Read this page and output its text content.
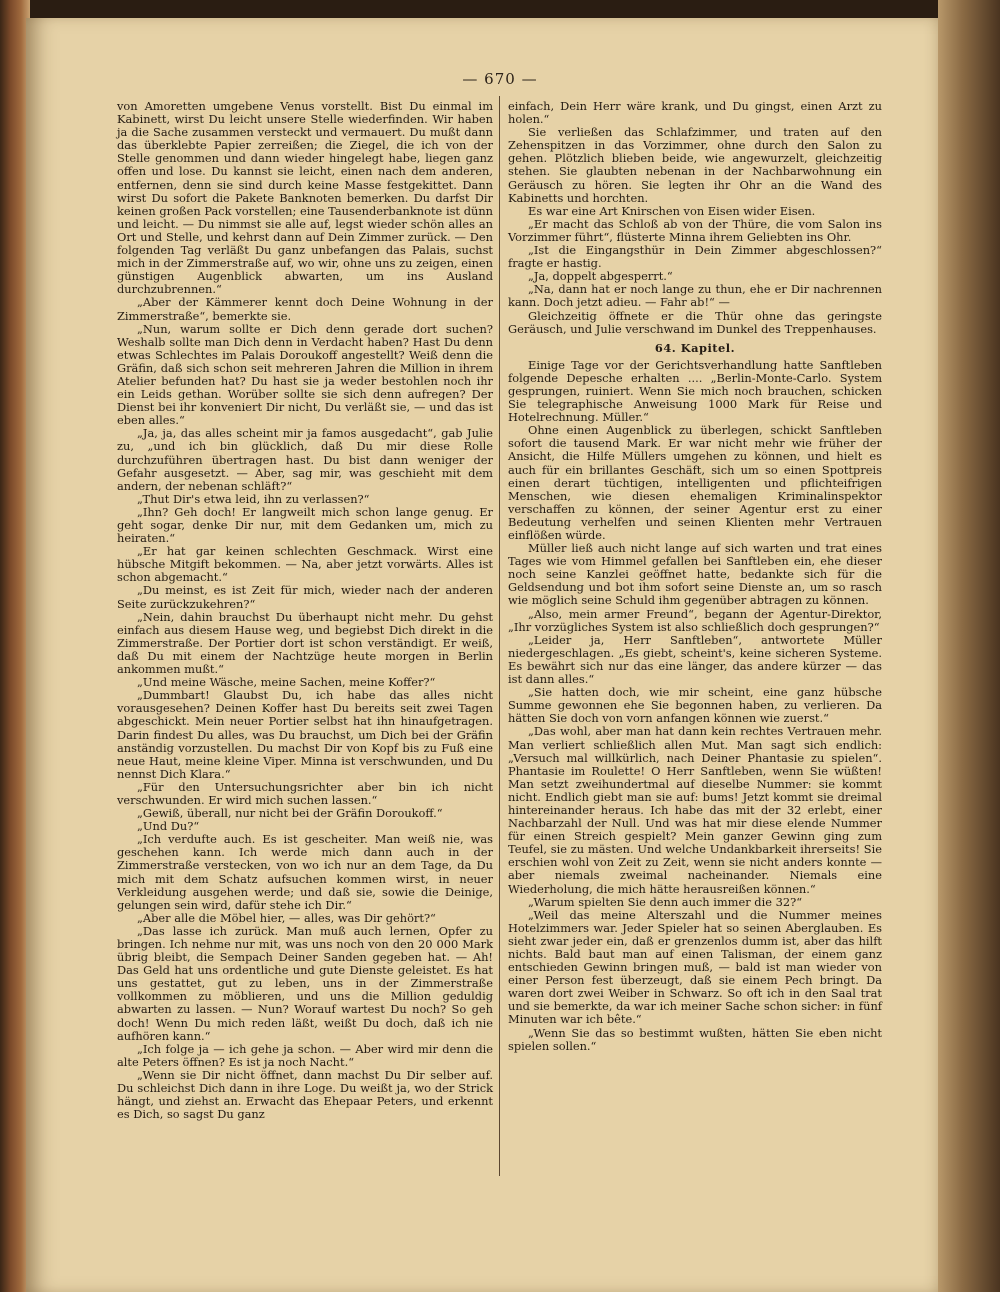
— 670 —

von Amoretten umgebene Venus vorstellt. Bist Du einmal im Kabinett, wirst Du leicht unsere Stelle wiederfinden. Wir haben ja die Sache zusammen versteckt und vermauert. Du mußt dann das überklebte Papier zerreißen; die Ziegel, die ich von der Stelle genommen und dann wieder hingelegt habe, liegen ganz offen und lose. Du kannst sie leicht, einen nach dem anderen, entfernen, denn sie sind durch keine Masse festgekittet. Dann wirst Du sofort die Pakete Banknoten bemerken. Du darfst Dir keinen großen Pack vorstellen; eine Tausenderbanknote ist dünn und leicht. — Du nimmst sie alle auf, legst wieder schön alles an Ort und Stelle, und kehrst dann auf Dein Zimmer zurück. — Den folgenden Tag verläßt Du ganz unbefangen das Palais, suchst mich in der Zimmerstraße auf, wo wir, ohne uns zu zeigen, einen günstigen Augenblick abwarten, um ins Ausland durchzubrennen.“

„Aber der Kämmerer kennt doch Deine Wohnung in der Zimmerstraße“, bemerkte sie.

„Nun, warum sollte er Dich denn gerade dort suchen? Weshalb sollte man Dich denn in Verdacht haben? Hast Du denn etwas Schlechtes im Palais Doroukoff angestellt? Weiß denn die Gräfin, daß sich schon seit mehreren Jahren die Million in ihrem Atelier befunden hat? Du hast sie ja weder bestohlen noch ihr ein Leids gethan. Worüber sollte sie sich denn aufregen? Der Dienst bei ihr konveniert Dir nicht, Du verläßt sie, — und das ist eben alles.“

„Ja, ja, das alles scheint mir ja famos ausgedacht“, gab Julie zu, „und ich bin glücklich, daß Du mir diese Rolle durchzuführen übertragen hast. Du bist dann weniger der Gefahr ausgesetzt. — Aber, sag mir, was geschieht mit dem andern, der nebenan schläft?“

„Thut Dir's etwa leid, ihn zu verlassen?“

„Ihn? Geh doch! Er langweilt mich schon lange genug. Er geht sogar, denke Dir nur, mit dem Gedanken um, mich zu heiraten.“

„Er hat gar keinen schlechten Geschmack. Wirst eine hübsche Mitgift bekommen. — Na, aber jetzt vorwärts. Alles ist schon abgemacht.“

„Du meinst, es ist Zeit für mich, wieder nach der anderen Seite zurückzukehren?“

„Nein, dahin brauchst Du überhaupt nicht mehr. Du gehst einfach aus diesem Hause weg, und begiebst Dich direkt in die Zimmerstraße. Der Portier dort ist schon verständigt. Er weiß, daß Du mit einem der Nachtzüge heute morgen in Berlin ankommen mußt.“

„Und meine Wäsche, meine Sachen, meine Koffer?“

„Dummbart! Glaubst Du, ich habe das alles nicht vorausgesehen? Deinen Koffer hast Du bereits seit zwei Tagen abgeschickt. Mein neuer Portier selbst hat ihn hinaufgetragen. Darin findest Du alles, was Du brauchst, um Dich bei der Gräfin anständig vorzustellen. Du machst Dir von Kopf bis zu Fuß eine neue Haut, meine kleine Viper. Minna ist verschwunden, und Du nennst Dich Klara.“

„Für den Untersuchungsrichter aber bin ich nicht verschwunden. Er wird mich suchen lassen.“

„Gewiß, überall, nur nicht bei der Gräfin Doroukoff.“

„Und Du?“

„Ich verdufte auch. Es ist gescheiter. Man weiß nie, was geschehen kann. Ich werde mich dann auch in der Zimmerstraße verstecken, von wo ich nur an dem Tage, da Du mich mit dem Schatz aufsuchen kommen wirst, in neuer Verkleidung ausgehen werde; und daß sie, sowie die Deinige, gelungen sein wird, dafür stehe ich Dir.“

„Aber alle die Möbel hier, — alles, was Dir gehört?“

„Das lasse ich zurück. Man muß auch lernen, Opfer zu bringen. Ich nehme nur mit, was uns noch von den 20 000 Mark übrig bleibt, die Sempach Deiner Sanden gegeben hat. — Ah! Das Geld hat uns ordentliche und gute Dienste geleistet. Es hat uns gestattet, gut zu leben, uns in der Zimmerstraße vollkommen zu möblieren, und uns die Million geduldig abwarten zu lassen. — Nun? Worauf wartest Du noch? So geh doch! Wenn Du mich reden läßt, weißt Du doch, daß ich nie aufhören kann.“

„Ich folge ja — ich gehe ja schon. — Aber wird mir denn die alte Peters öffnen? Es ist ja noch Nacht.“

„Wenn sie Dir nicht öffnet, dann machst Du Dir selber auf. Du schleichst Dich dann in ihre Loge. Du weißt ja, wo der Strick hängt, und ziehst an. Erwacht das Ehepaar Peters, und erkennt es Dich, so sagst Du ganz

einfach, Dein Herr wäre krank, und Du gingst, einen Arzt zu holen.“

Sie verließen das Schlafzimmer, und traten auf den Zehenspitzen in das Vorzimmer, ohne durch den Salon zu gehen. Plötzlich blieben beide, wie angewurzelt, gleichzeitig stehen. Sie glaubten nebenan in der Nachbarwohnung ein Geräusch zu hören. Sie legten ihr Ohr an die Wand des Kabinetts und horchten.

Es war eine Art Knirschen von Eisen wider Eisen.

„Er macht das Schloß ab von der Thüre, die vom Salon ins Vorzimmer führt“, flüsterte Minna ihrem Geliebten ins Ohr.

„Ist die Eingangsthür in Dein Zimmer abgeschlossen?“ fragte er hastig.

„Ja, doppelt abgesperrt.“

„Na, dann hat er noch lange zu thun, ehe er Dir nachrennen kann. Doch jetzt adieu. — Fahr ab!“ —

Gleichzeitig öffnete er die Thür ohne das geringste Geräusch, und Julie verschwand im Dunkel des Treppenhauses.

64. Kapitel.

Einige Tage vor der Gerichtsverhandlung hatte Sanftleben folgende Depesche erhalten .... „Berlin-Monte-Carlo. System gesprungen, ruiniert. Wenn Sie mich noch brauchen, schicken Sie telegraphische Anweisung 1000 Mark für Reise und Hotelrechnung. Müller.“

Ohne einen Augenblick zu überlegen, schickt Sanftleben sofort die tausend Mark. Er war nicht mehr wie früher der Ansicht, die Hilfe Müllers umgehen zu können, und hielt es auch für ein brillantes Geschäft, sich um so einen Spottpreis einen derart tüchtigen, intelligenten und pflichteifrigen Menschen, wie diesen ehemaligen Kriminalinspektor verschaffen zu können, der seiner Agentur erst zu einer Bedeutung verhelfen und seinen Klienten mehr Vertrauen einflößen würde.

Müller ließ auch nicht lange auf sich warten und trat eines Tages wie vom Himmel gefallen bei Sanftleben ein, ehe dieser noch seine Kanzlei geöffnet hatte, bedankte sich für die Geldsendung und bot ihm sofort seine Dienste an, um so rasch wie möglich seine Schuld ihm gegenüber abtragen zu können.

„Also, mein armer Freund“, begann der Agentur-Direktor, „Ihr vorzügliches System ist also schließlich doch gesprungen?“

„Leider ja, Herr Sanftleben“, antwortete Müller niedergeschlagen. „Es giebt, scheint's, keine sicheren Systeme. Es bewährt sich nur das eine länger, das andere kürzer — das ist dann alles.“

„Sie hatten doch, wie mir scheint, eine ganz hübsche Summe gewonnen ehe Sie begonnen haben, zu verlieren. Da hätten Sie doch von vorn anfangen können wie zuerst.“

„Das wohl, aber man hat dann kein rechtes Vertrauen mehr. Man verliert schließlich allen Mut. Man sagt sich endlich: „Versuch mal willkürlich, nach Deiner Phantasie zu spielen“. Phantasie im Roulette! O Herr Sanftleben, wenn Sie wüßten! Man setzt zweihundertmal auf dieselbe Nummer: sie kommt nicht. Endlich giebt man sie auf: bums! Jetzt kommt sie dreimal hintereinander heraus. Ich habe das mit der 32 erlebt, einer Nachbarzahl der Null. Und was hat mir diese elende Nummer für einen Streich gespielt? Mein ganzer Gewinn ging zum Teufel, sie zu mästen. Und welche Undankbarkeit ihrerseits! Sie erschien wohl von Zeit zu Zeit, wenn sie nicht anders konnte — aber niemals zweimal nacheinander. Niemals eine Wiederholung, die mich hätte herausreißen können.“

„Warum spielten Sie denn auch immer die 32?“

„Weil das meine Alterszahl und die Nummer meines Hotelzimmers war. Jeder Spieler hat so seinen Aberglauben. Es sieht zwar jeder ein, daß er grenzenlos dumm ist, aber das hilft nichts. Bald baut man auf einen Talisman, der einem ganz entschieden Gewinn bringen muß, — bald ist man wieder von einer Person fest überzeugt, daß sie einem Pech bringt. Da waren dort zwei Weiber in Schwarz. So oft ich in den Saal trat und sie bemerkte, da war ich meiner Sache schon sicher: in fünf Minuten war ich bête.“

„Wenn Sie das so bestimmt wußten, hätten Sie eben nicht spielen sollen.“
